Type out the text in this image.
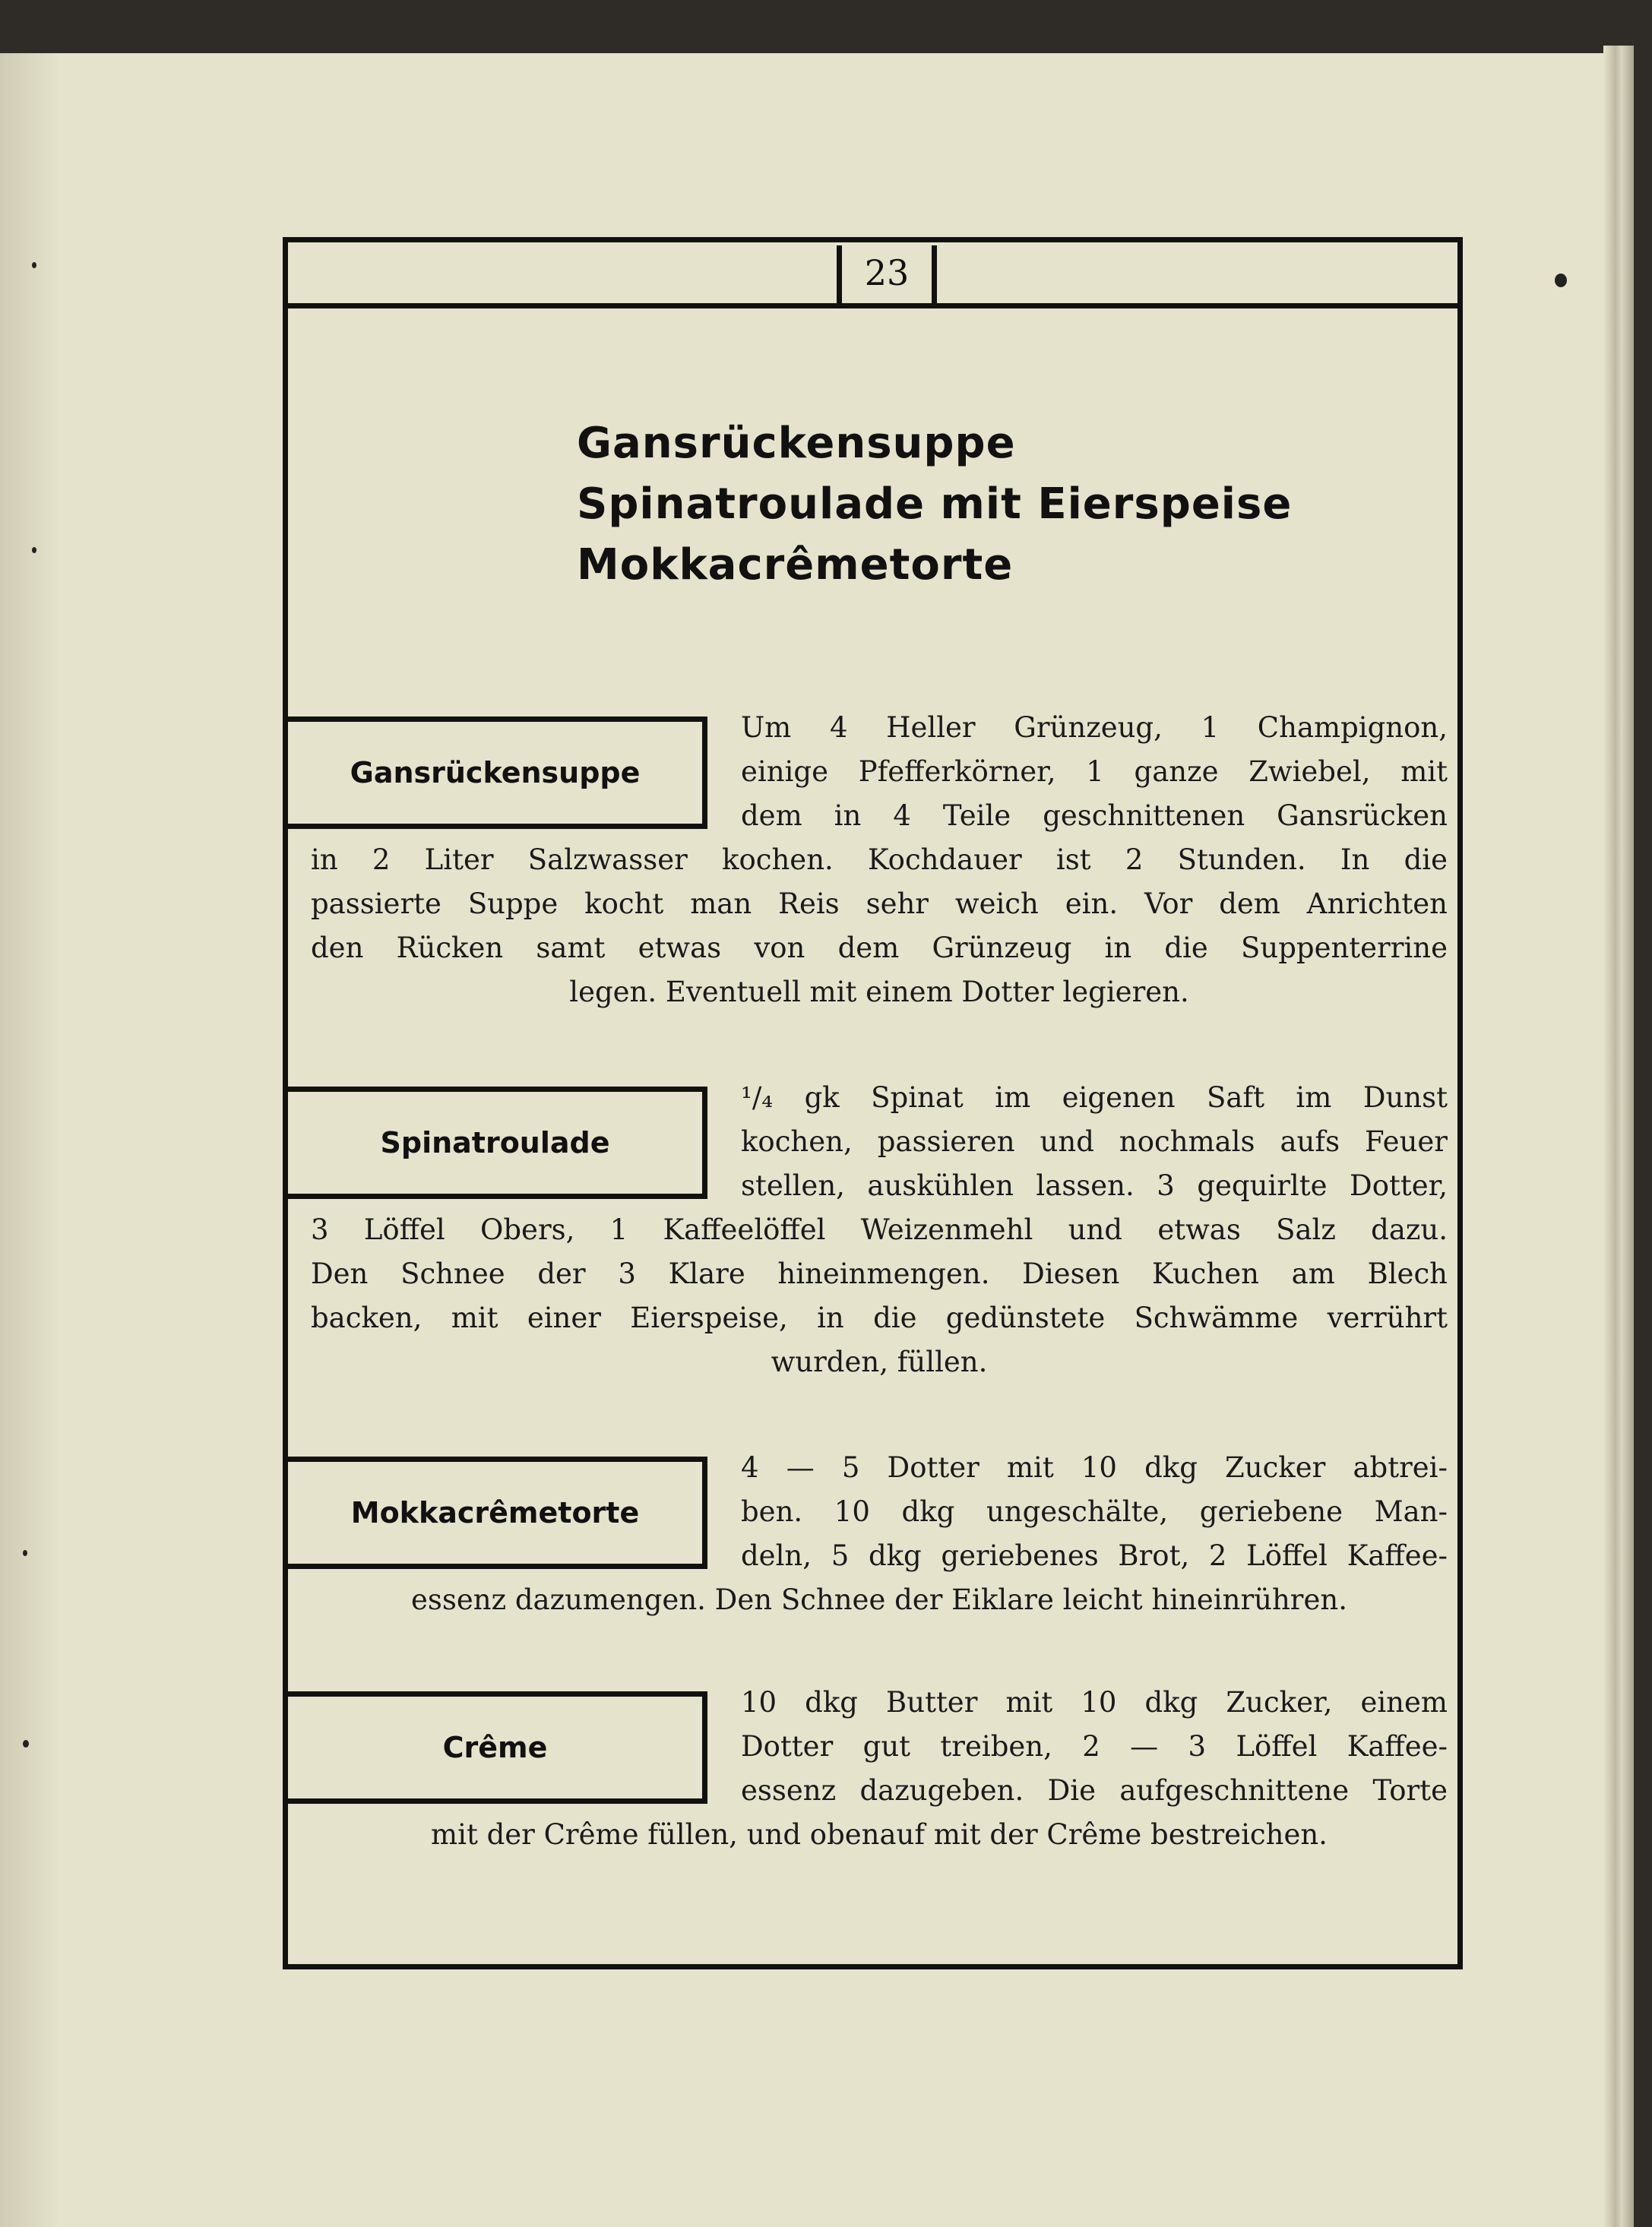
23
Gansrückensuppe
Spinatroulade mit Eierspeise
Mokkacrêmetorte
Gansrückensuppe
Um 4 Heller Grünzeug, 1 Champignon,
einige Pfefferkörner, 1 ganze Zwiebel, mit
dem in 4 Teile geschnittenen Gansrücken
in 2 Liter Salzwasser kochen. Kochdauer ist 2 Stunden. In die
passierte Suppe kocht man Reis sehr weich ein. Vor dem Anrichten
den Rücken samt etwas von dem Grünzeug in die Suppenterrine
legen. Eventuell mit einem Dotter legieren.
Spinatroulade
¹/₄ gk Spinat im eigenen Saft im Dunst
kochen, passieren und nochmals aufs Feuer
stellen, auskühlen lassen. 3 gequirlte Dotter,
3 Löffel Obers, 1 Kaffeelöffel Weizenmehl und etwas Salz dazu.
Den Schnee der 3 Klare hineinmengen. Diesen Kuchen am Blech
backen, mit einer Eierspeise, in die gedünstete Schwämme verrührt
wurden, füllen.
Mokkacrêmetorte
4 — 5 Dotter mit 10 dkg Zucker abtrei-
ben. 10 dkg ungeschälte, geriebene Man-
deln, 5 dkg geriebenes Brot, 2 Löffel Kaffee-
essenz dazumengen. Den Schnee der Eiklare leicht hineinrühren.
Crême
10 dkg Butter mit 10 dkg Zucker, einem
Dotter gut treiben, 2 — 3 Löffel Kaffee-
essenz dazugeben. Die aufgeschnittene Torte
mit der Crême füllen, und obenauf mit der Crême bestreichen.
